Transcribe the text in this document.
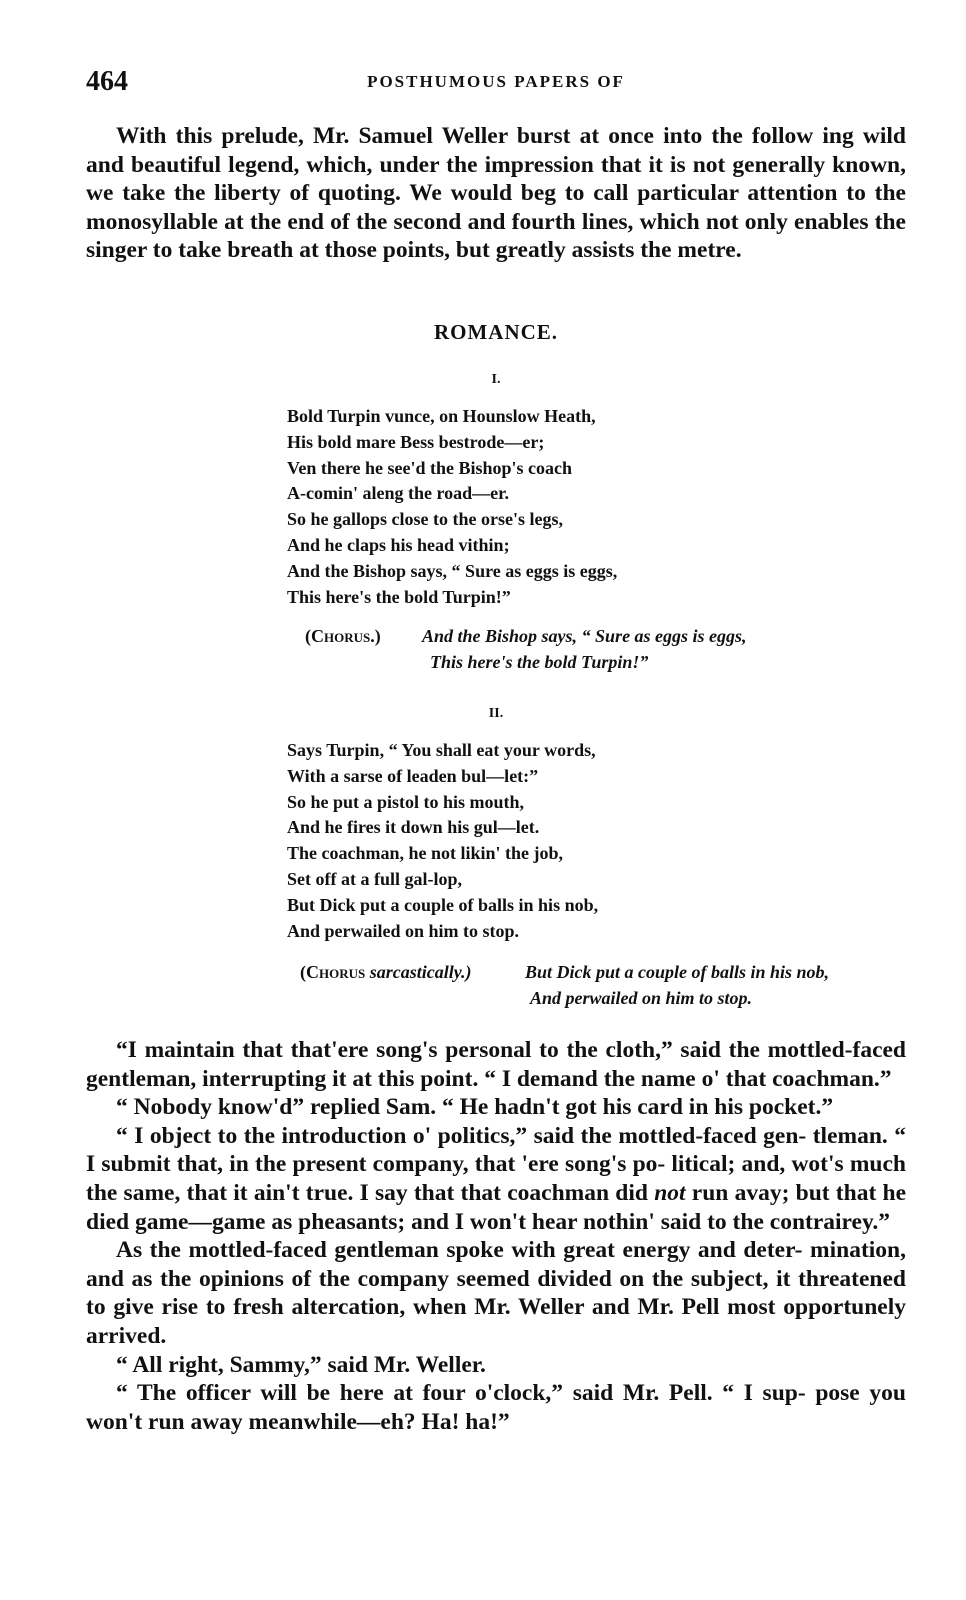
464	POSTHUMOUS PAPERS OF

With this prelude, Mr. Samuel Weller burst at once into the follow ing wild and beautiful legend, which, under the impression that it is not generally known, we take the liberty of quoting. We would beg to call particular attention to the monosyllable at the end of the second and fourth lines, which not only enables the singer to take breath at those points, but greatly assists the metre.

ROMANCE.
I.
Bold Turpin vunce, on Hounslow Heath,
His bold mare Bess bestrode—er;
Ven there he see'd the Bishop's coach
A-comin' aleng the road—er.
So he gallops close to the orse's legs,
And he claps his head vithin;
And the Bishop says, “ Sure as eggs is eggs,
This here's the bold Turpin!”
(Chorus.) And the Bishop says, “ Sure as eggs is eggs,
This here's the bold Turpin!”
II.
Says Turpin, “ You shall eat your words,
With a sarse of leaden bul—let:”
So he put a pistol to his mouth,
And he fires it down his gul—let.
The coachman, he not likin' the job,
Set off at a full gal-lop,
But Dick put a couple of balls in his nob,
And perwailed on him to stop.
(Chorus sarcastically.)	But Dick put a couple of balls in his nob,
And perwailed on him to stop.

“I maintain that that'ere song's personal to the cloth,” said the mottled-faced gentleman, interrupting it at this point. “ I demand the name o' that coachman.”

“ Nobody know'd” replied Sam. “ He hadn't got his card in his pocket.”

“ I object to the introduction o' politics,” said the mottled-faced gen- tleman. “ I submit that, in the present company, that 'ere song's po- litical; and, wot's much the same, that it ain't true. I say that that coachman did not run avay; but that he died game—game as pheasants; and I won't hear nothin' said to the contrairey.”

As the mottled-faced gentleman spoke with great energy and deter- mination, and as the opinions of the company seemed divided on the subject, it threatened to give rise to fresh altercation, when Mr. Weller and Mr. Pell most opportunely arrived.

“ All right, Sammy,” said Mr. Weller.

“ The officer will be here at four o'clock,” said Mr. Pell. “ I sup- pose you won't run away meanwhile—eh? Ha! ha!”
